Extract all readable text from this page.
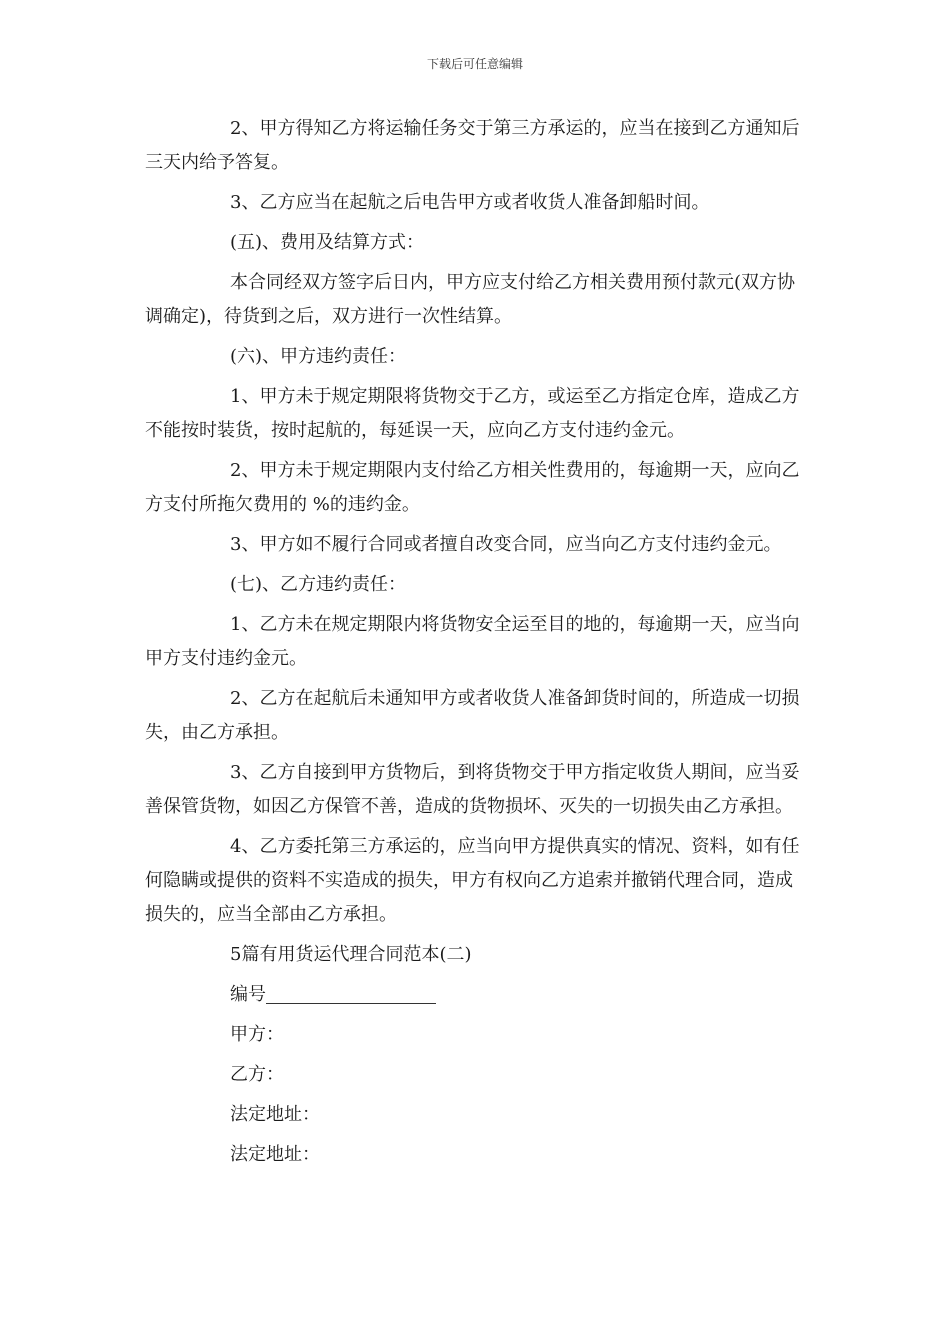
下载后可任意编辑

2、甲方得知乙方将运输任务交于第三方承运的，应当在接到乙方通知后三天内给予答复。

3、乙方应当在起航之后电告甲方或者收货人准备卸船时间。

(五)、费用及结算方式：

本合同经双方签字后日内，甲方应支付给乙方相关费用预付款元(双方协调确定)，待货到之后，双方进行一次性结算。

(六)、甲方违约责任：

1、甲方未于规定期限将货物交于乙方，或运至乙方指定仓库，造成乙方不能按时装货，按时起航的，每延误一天，应向乙方支付违约金元。

2、甲方未于规定期限内支付给乙方相关性费用的，每逾期一天，应向乙方支付所拖欠费用的 %的违约金。

3、甲方如不履行合同或者擅自改变合同，应当向乙方支付违约金元。

(七)、乙方违约责任：

1、乙方未在规定期限内将货物安全运至目的地的，每逾期一天，应当向甲方支付违约金元。

2、乙方在起航后未通知甲方或者收货人准备卸货时间的，所造成一切损失，由乙方承担。

3、乙方自接到甲方货物后，到将货物交于甲方指定收货人期间，应当妥善保管货物，如因乙方保管不善，造成的货物损坏、灭失的一切损失由乙方承担。

4、乙方委托第三方承运的，应当向甲方提供真实的情况、资料，如有任何隐瞒或提供的资料不实造成的损失，甲方有权向乙方追索并撤销代理合同，造成损失的，应当全部由乙方承担。

5篇有用货运代理合同范本(二)

编号

甲方：

乙方：

法定地址：

法定地址：
